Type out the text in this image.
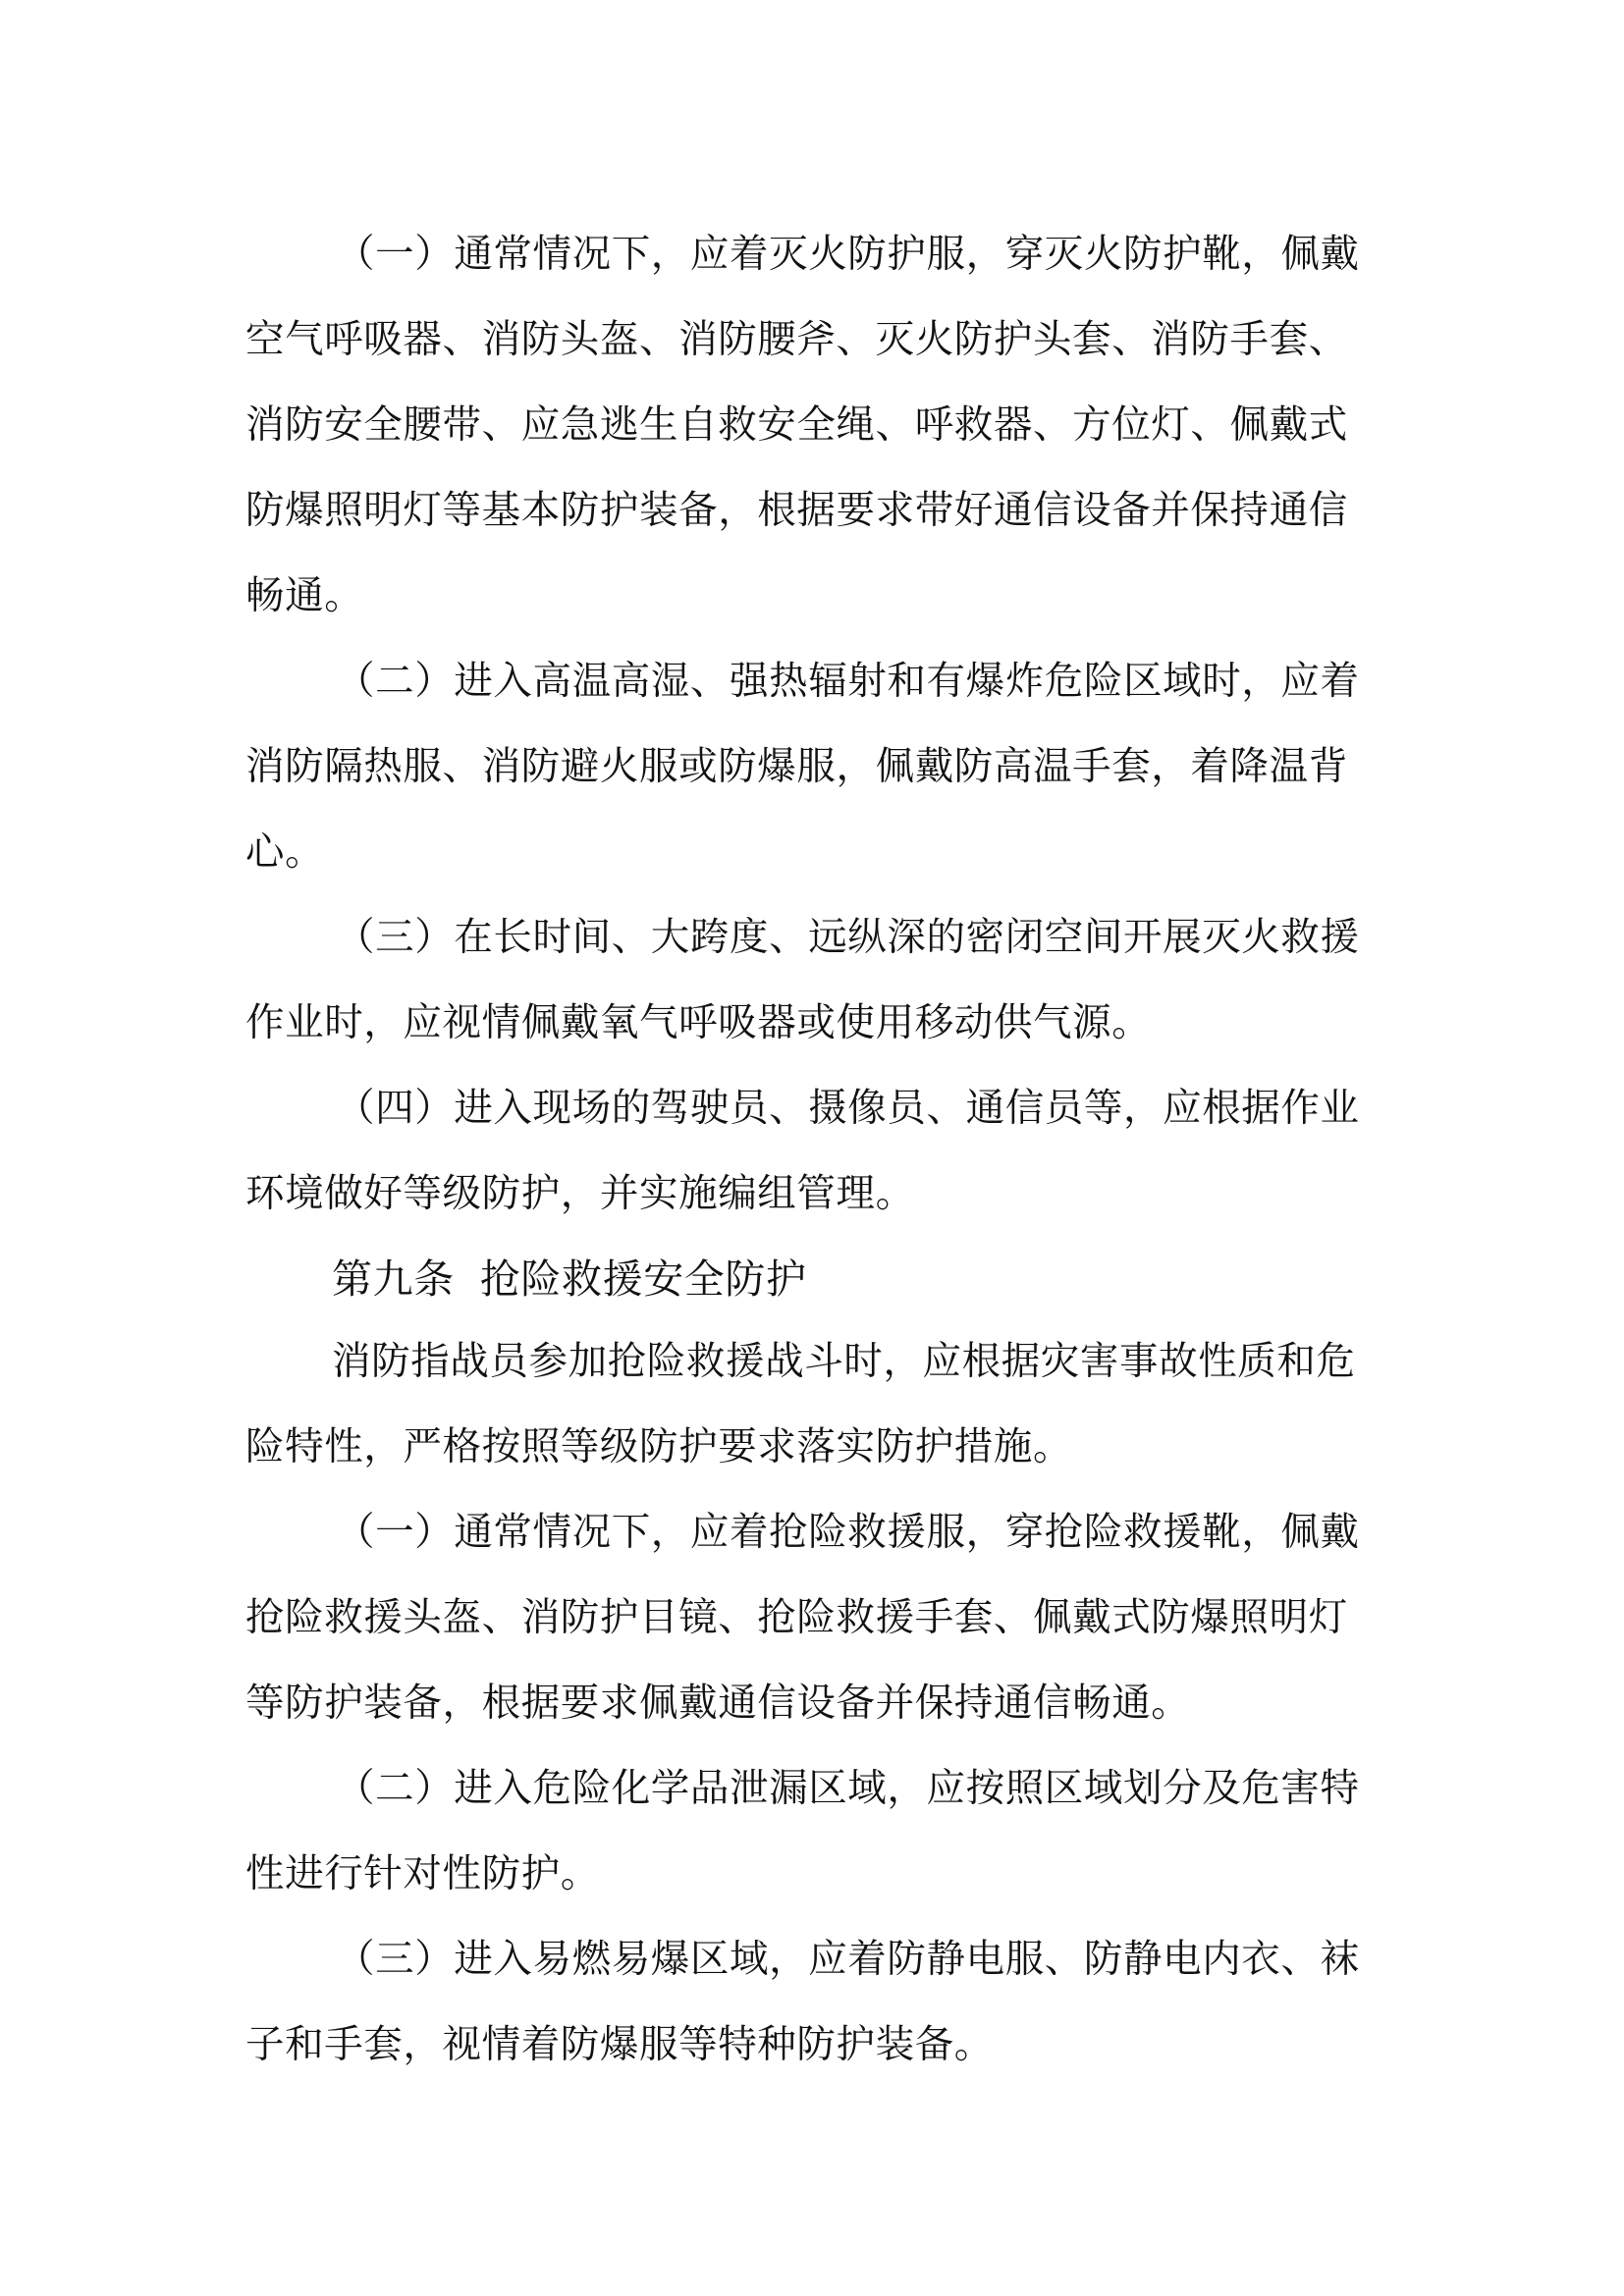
（一）通常情况下，应着灭火防护服，穿灭火防护靴，佩戴
空气呼吸器、消防头盔、消防腰斧、灭火防护头套、消防手套、
消防安全腰带、应急逃生自救安全绳、呼救器、方位灯、佩戴式
防爆照明灯等基本防护装备，根据要求带好通信设备并保持通信
畅通。
（二）进入高温高湿、强热辐射和有爆炸危险区域时，应着
消防隔热服、消防避火服或防爆服，佩戴防高温手套，着降温背
心。
（三）在长时间、大跨度、远纵深的密闭空间开展灭火救援
作业时，应视情佩戴氧气呼吸器或使用移动供气源。
（四）进入现场的驾驶员、摄像员、通信员等，应根据作业
环境做好等级防护，并实施编组管理。
第九条 抢险救援安全防护
消防指战员参加抢险救援战斗时，应根据灾害事故性质和危
险特性，严格按照等级防护要求落实防护措施。
（一）通常情况下，应着抢险救援服，穿抢险救援靴，佩戴
抢险救援头盔、消防护目镜、抢险救援手套、佩戴式防爆照明灯
等防护装备，根据要求佩戴通信设备并保持通信畅通。
（二）进入危险化学品泄漏区域，应按照区域划分及危害特
性进行针对性防护。
（三）进入易燃易爆区域，应着防静电服、防静电内衣、袜
子和手套，视情着防爆服等特种防护装备。
